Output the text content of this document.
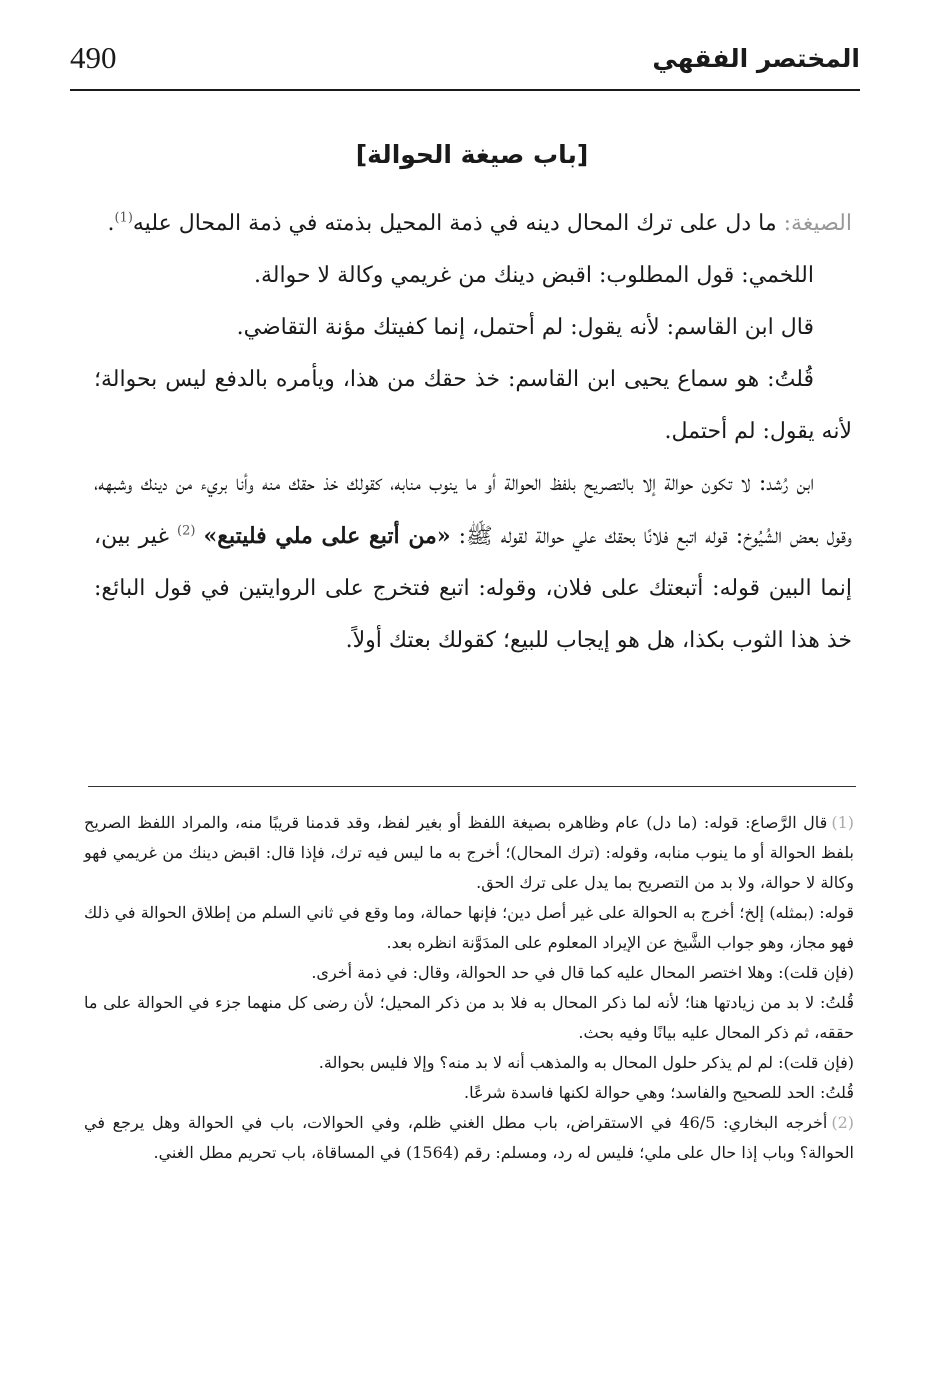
490	المختصر الفقهي
[باب صيغة الحوالة]

الصيغة: ما دل على ترك المحال دينه في ذمة المحيل بذمته في ذمة المحال عليه$^{(1)}$.

اللخمي: قول المطلوب: اقبض دينك من غريمي وكالة لا حوالة.

قال ابن القاسم: لأنه يقول: لم أحتمل، إنما كفيتك مؤنة التقاضي.

قُلتُ: هو سماع يحيى ابن القاسم: خذ حقك من هذا، ويأمره بالدفع ليس بحوالة؛ لأنه يقول: لم أحتمل.

ابن رُشد: لا تكون حوالة إلا بالتصريح بلفظ الحوالة أو ما ينوب منابه، كقولك خذ حقك منه وأنا بريء من دينك وشبهه، وقول بعض الشُيُوخ: قوله اتبع فلانًا بحقك علي حوالة لقوله ﷺ: «من أتبع على ملي فليتبع» $^{(2)}$ غير بين، إنما البين قوله: أتبعتك على فلان، وقوله: اتبع فتخرج على الروايتين في قول البائع: خذ هذا الثوب بكذا، هل هو إيجاب للبيع؛ كقولك بعتك أولاً.

(1)قال الرَّصاع: قوله: (ما دل) عام وظاهره بصيغة اللفظ أو بغير لفظ، وقد قدمنا قريبًا منه، والمراد اللفظ الصريح بلفظ الحوالة أو ما ينوب منابه، وقوله: (ترك المحال)؛ أخرج به ما ليس فيه ترك، فإذا قال: اقبض دينك من غريمي فهو وكالة لا حوالة، ولا بد من التصريح بما يدل على ترك الحق.

قوله: (بمثله) إلخ؛ أخرج به الحوالة على غير أصل دين؛ فإنها حمالة، وما وقع في ثاني السلم من إطلاق الحوالة في ذلك فهو مجاز، وهو جواب الشَّيخ عن الإيراد المعلوم على المدَوَّنة انظره بعد.

(فإن قلت): وهلا اختصر المحال عليه كما قال في حد الحوالة، وقال: في ذمة أخرى.

قُلتُ: لا بد من زيادتها هنا؛ لأنه لما ذكر المحال به فلا بد من ذكر المحيل؛ لأن رضى كل منهما جزء في الحوالة على ما حققه، ثم ذكر المحال عليه بيانًا وفيه بحث.

(فإن قلت): لم لم يذكر حلول المحال به والمذهب أنه لا بد منه؟ وإلا فليس بحوالة.

قُلتُ: الحد للصحيح والفاسد؛ وهي حوالة لكنها فاسدة شرعًا.

(2)أخرجه البخاري: 46/5 في الاستقراض، باب مطل الغني ظلم، وفي الحوالات، باب في الحوالة وهل يرجع في الحوالة؟ وباب إذا حال على ملي؛ فليس له رد، ومسلم: رقم (1564) في المساقاة، باب تحريم مطل الغني.
